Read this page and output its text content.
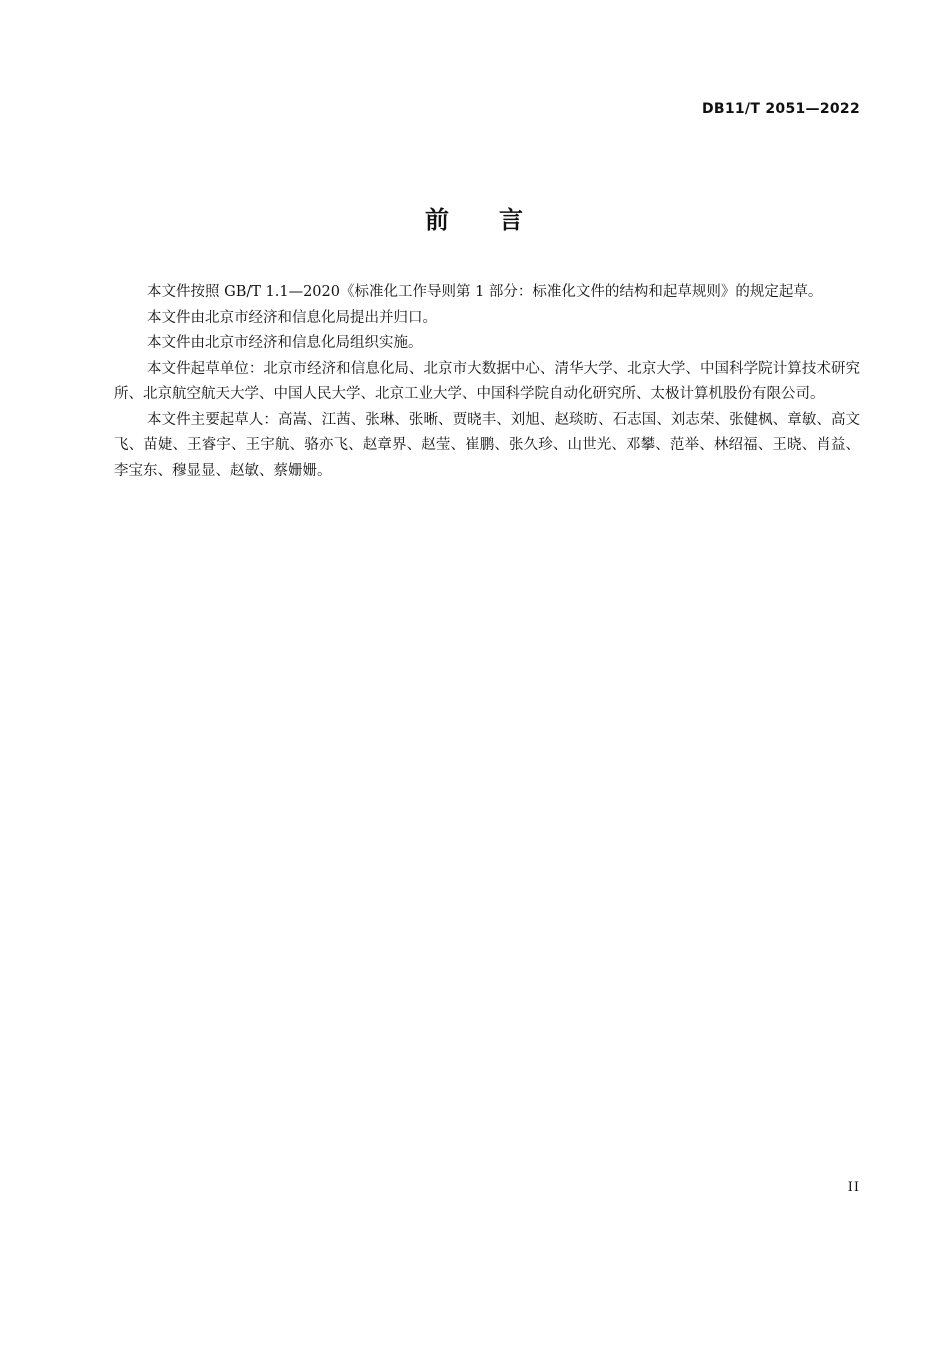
DB11/T 2051—2022
前 言

本文件按照 GB/T 1.1—2020《标准化工作导则第 1 部分：标准化文件的结构和起草规则》的规定起草。

本文件由北京市经济和信息化局提出并归口。

本文件由北京市经济和信息化局组织实施。

本文件起草单位：北京市经济和信息化局、北京市大数据中心、清华大学、北京大学、中国科学院计算技术研究所、北京航空航天大学、中国人民大学、北京工业大学、中国科学院自动化研究所、太极计算机股份有限公司。

本文件主要起草人：高嵩、江茜、张琳、张晰、贾晓丰、刘旭、赵琰昉、石志国、刘志荣、张健枫、章敏、高文飞、苗婕、王睿宇、王宇航、骆亦飞、赵章界、赵莹、崔鹏、张久珍、山世光、邓攀、范举、林绍福、王晓、肖益、李宝东、穆显显、赵敏、蔡姗姗。

II
